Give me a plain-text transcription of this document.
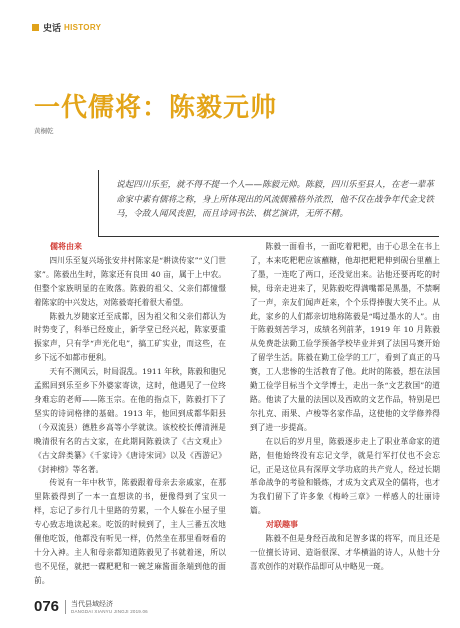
史话 HISTORY
一代儒将：陈毅元帅
黄桐乾

说起四川乐至，就不得不提一个人——陈毅元帅。陈毅，四川乐至县人，在老一辈革命家中素有儒将之称，身上所体现出的风流儒雅格外浓烈，他不仅在战争年代金戈铁马，令敌人闻风丧胆，而且诗词书法、棋艺演讲，无所不精。

儒将由来

四川乐至复兴场张安井村陈家是“耕读传家”“义门世家”。陈毅出生时，陈家还有良田 40 亩，属于上中农。但整个家族明显的在败落。陈毅的祖父、父亲们都憧憬着陈家的中兴发达，对陈毅寄托着很大希望。

陈毅九岁随家迁至成都，因为祖父和父亲们都认为时势变了，科举已经废止，新学堂已经兴起，陈家要重振家声，只有学“声光化电”，搞工矿实业，而这些，在乡下远不如都市便利。

天有不测风云，时局混乱。1911 年秋，陈毅和胞兄孟熙回到乐至乡下外婆家寄读，这时，他遇见了一位终身难忘的老师——陈玉宗。在他的指点下，陈毅打下了坚实的诗词格律的基础。1913 年，他回到成都华阳县（今双流县）德胜乡高等小学就读。该校校长傅清洲是晚清很有名的古文家，在此期间陈毅读了《古文观止》《古文辞类纂》《千家诗》《唐诗宋词》以及《西游记》《封神榜》等名著。

传说有一年中秋节，陈毅跟着母亲去亲戚家，在那里陈毅得到了一本一直想读的书，便像得到了宝贝一样，忘记了步行几十里路的劳累，一个人躲在小屋子里专心致志地读起来。吃饭的时候到了，主人三番五次地催他吃饭，他都没有听见一样，仍然坐在那里看呀看的十分入神。主人和母亲都知道陈毅见了书就着迷，所以也不见怪，就把一碟粑粑和一碗芝麻酱面条端到他的面前。

陈毅一面看书，一面吃着粑粑，由于心思全在书上了，本来吃粑粑应该蘸糖，他却把粑粑伸到砚台里蘸上了墨，一连吃了两口，还没觉出来。沾他还要再吃的时候，母亲走进来了，见陈毅吃得满嘴都是黑墨，不禁啊了一声，亲友们闻声赶来，个个乐得捧腹大笑不止。从此，家乡的人们都亲切地称陈毅是“喝过墨水的人”。由于陈毅刻苦学习，成绩名列前茅，1919 年 10 月陈毅从免费赴法勤工俭学预备学校毕业并到了法国马赛开始了留学生活。陈毅在勤工俭学的工厂，看到了真正的马赛，工人悲惨的生活教育了他。此时的陈毅，想在法国勤工俭学目标当个文学博士，走出一条“文艺救国”的道路。他读了大量的法国以及西欧的文艺作品，特别是巴尔扎克、雨果、卢梭等名家作品，这使他的文学修养得到了进一步提高。

在以后的岁月里，陈毅逐步走上了职业革命家的道路，但他始终没有忘记文学，就是行军打仗也不会忘记，正是这位具有深厚文学功底的共产党人，经过长期革命战争的考验和锻炼，才成为文武双全的儒将，也才为我们留下了许多象《梅岭三章》一样感人的壮丽诗篇。

对联趣事

陈毅不但是身经百战和足智多谋的将军，而且还是一位擅长诗词、造诣很深、才华横溢的诗人，从他十分喜欢创作的对联作品即可从中略见一斑。

076 当代县域经济
DANGDAI XIANYU JINGJI 2019.06
